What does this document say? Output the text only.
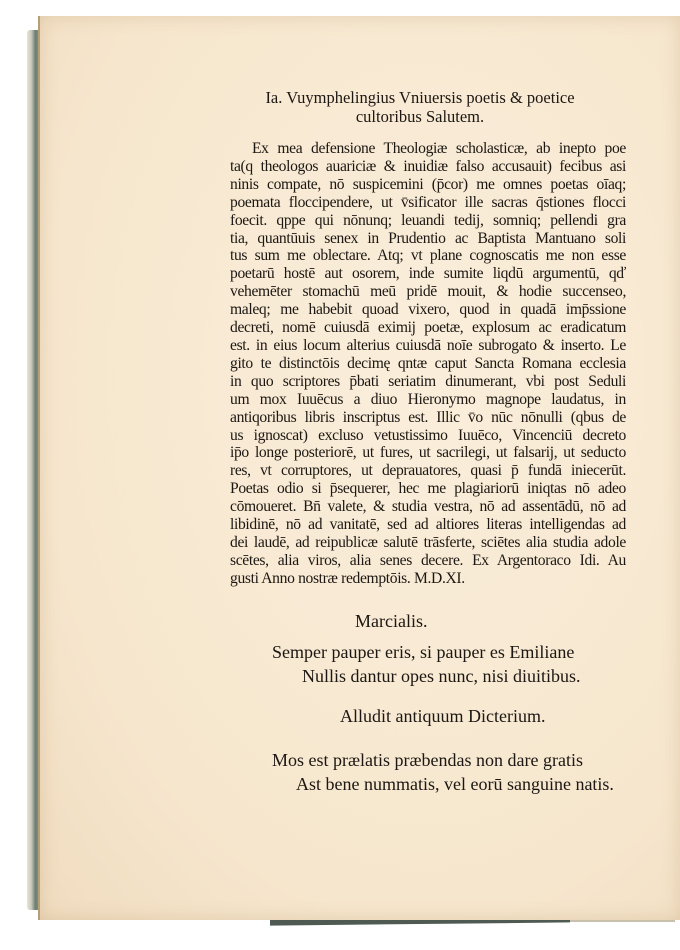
Ia. Vuymphelingius Vniuersis poetis & poetice
cultoribus Salutem.
Ex mea defensione Theologiæ scholasticæ, ab inepto poe
ta(q theologos auariciæ & inuidiæ falso accusauit) fecibus asi
ninis compate, nō suspicemini (p̄cor) me omnes poetas oīaq;
poemata floccipendere, ut v̄sificator ille sacras q̄stiones flocci
foecit. qppe qui nōnunq; leuandi tedij, somniq; pellendi gra
tia, quantūuis senex in Prudentio ac Baptista Mantuano soli
tus sum me oblectare. Atq; vt plane cognoscatis me non esse
poetarū hostē aut osorem, inde sumite liqdū argumentū, qď
vehemēter stomachū meū pridē mouit, & hodie succenseo,
maleq; me habebit quoad vixero, quod in quadā imp̄ssione
decreti, nomē cuiusdā eximij poetæ, explosum ac eradicatum
est. in eius locum alterius cuiusdā noīe subrogato & inserto. Le
gito te distinctōis decimę qntæ caput Sancta Romana ecclesia
in quo scriptores p̄bati seriatim dinumerant, vbi post Seduli
um mox Iuuēcus a diuo Hieronymo magnope laudatus, in
antiqoribus libris inscriptus est. Illic v̄o nūc nōnulli (qbus de
us ignoscat) excluso vetustissimo Iuuēco, Vincenciū decreto
ip̄o longe posteriorē, ut fures, ut sacrilegi, ut falsarij, ut seducto
res, vt corruptores, ut deprauatores, quasi p̄ fundā iniecerūt.
Poetas odio si p̄sequerer, hec me plagiariorū iniqtas nō adeo
cōmoueret. Bn̄ valete, & studia vestra, nō ad assentādū, nō ad
libidinē, nō ad vanitatē, sed ad altiores literas intelligendas ad
dei laudē, ad reipublicæ salutē trāsferte, sciētes alia studia adole
scētes, alia viros, alia senes decere. Ex Argentoraco Idi. Au
gusti Anno nostræ redemptōis. M.D.XI.
Marcialis.
Semper pauper eris, si pauper es Emiliane
Nullis dantur opes nunc, nisi diuitibus.
Alludit antiquum Dicterium.
Mos est prælatis præbendas non dare gratis
Ast bene nummatis, vel eorū sanguine natis.
